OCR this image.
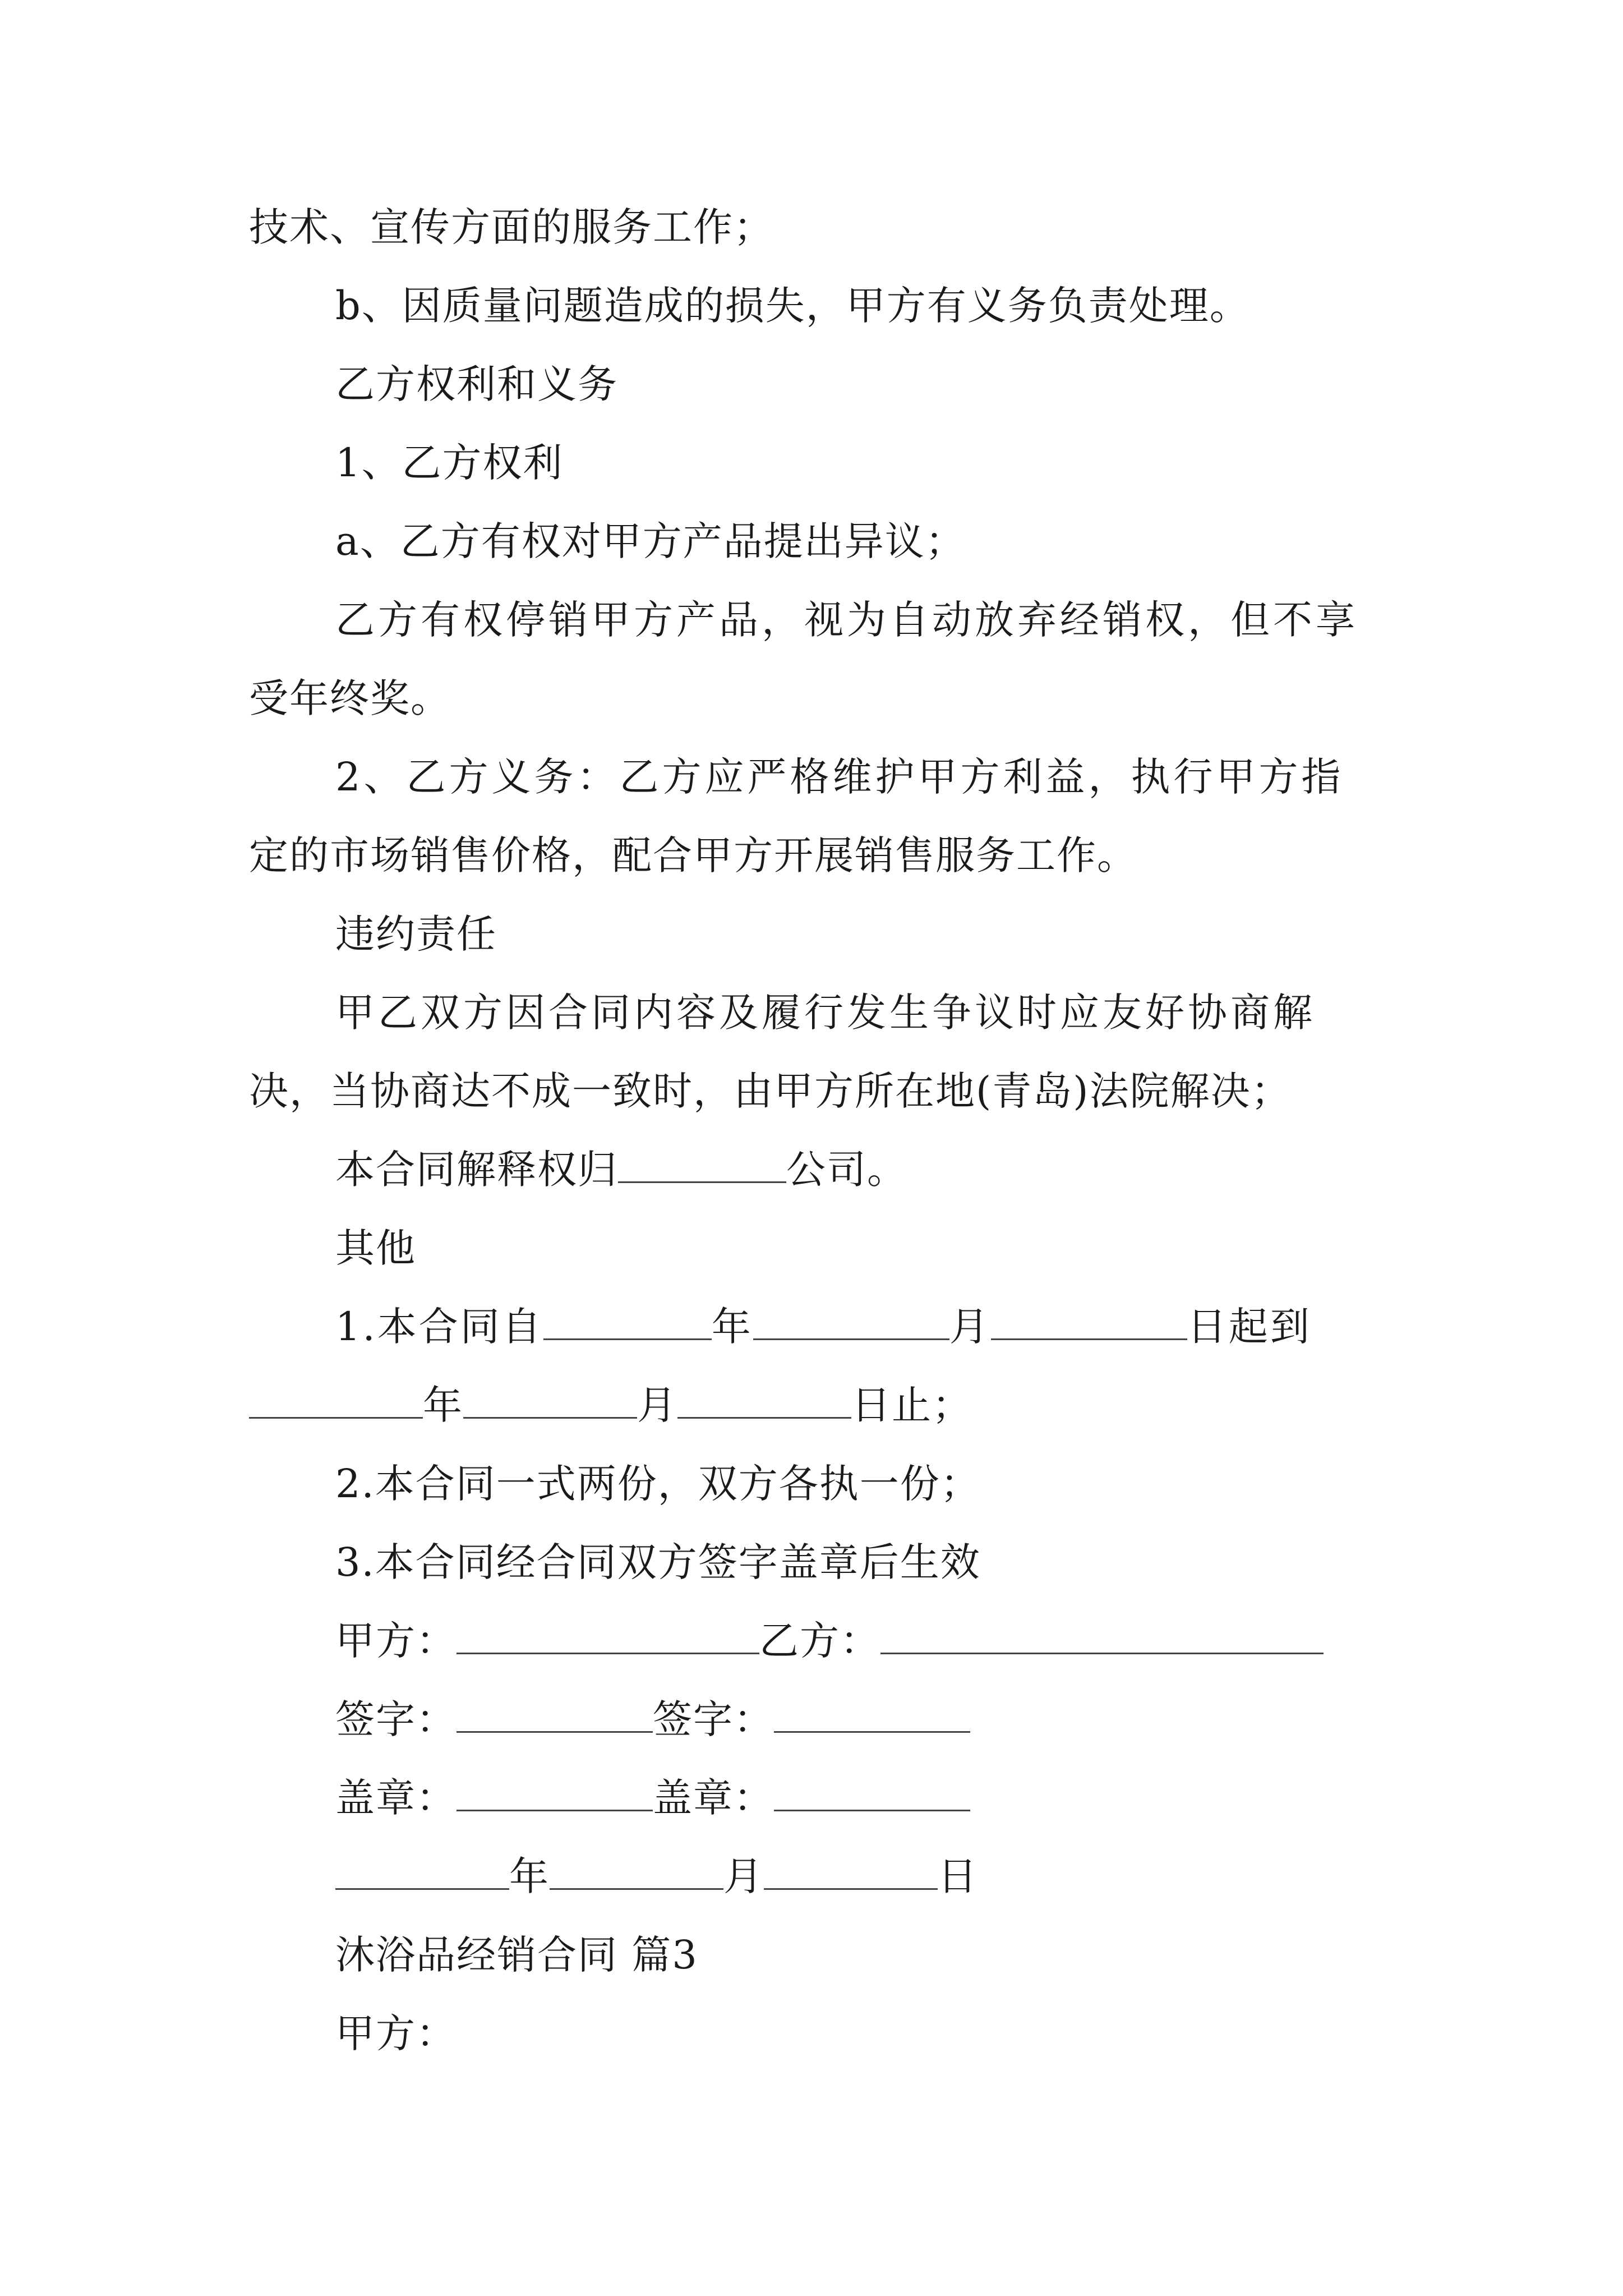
技术、宣传方面的服务工作；
b、因质量问题造成的损失，甲方有义务负责处理。
乙方权利和义务
1、乙方权利
a、乙方有权对甲方产品提出异议；
乙方有权停销甲方产品，视为自动放弃经销权，但不享
受年终奖。
2、乙方义务：乙方应严格维护甲方利益，执行甲方指
定的市场销售价格，配合甲方开展销售服务工作。
违约责任
甲乙双方因合同内容及履行发生争议时应友好协商解
决，当协商达不成一致时，由甲方所在地(青岛)法院解决；
本合同解释权归	公司。
其他
1.本合同自	年	月	日起到
年	月	日止；
2.本合同一式两份，双方各执一份；
3.本合同经合同双方签字盖章后生效
甲方：	乙方：
签字：	签字：
盖章：	盖章：
年	月	日
沐浴品经销合同 篇3
甲方：
